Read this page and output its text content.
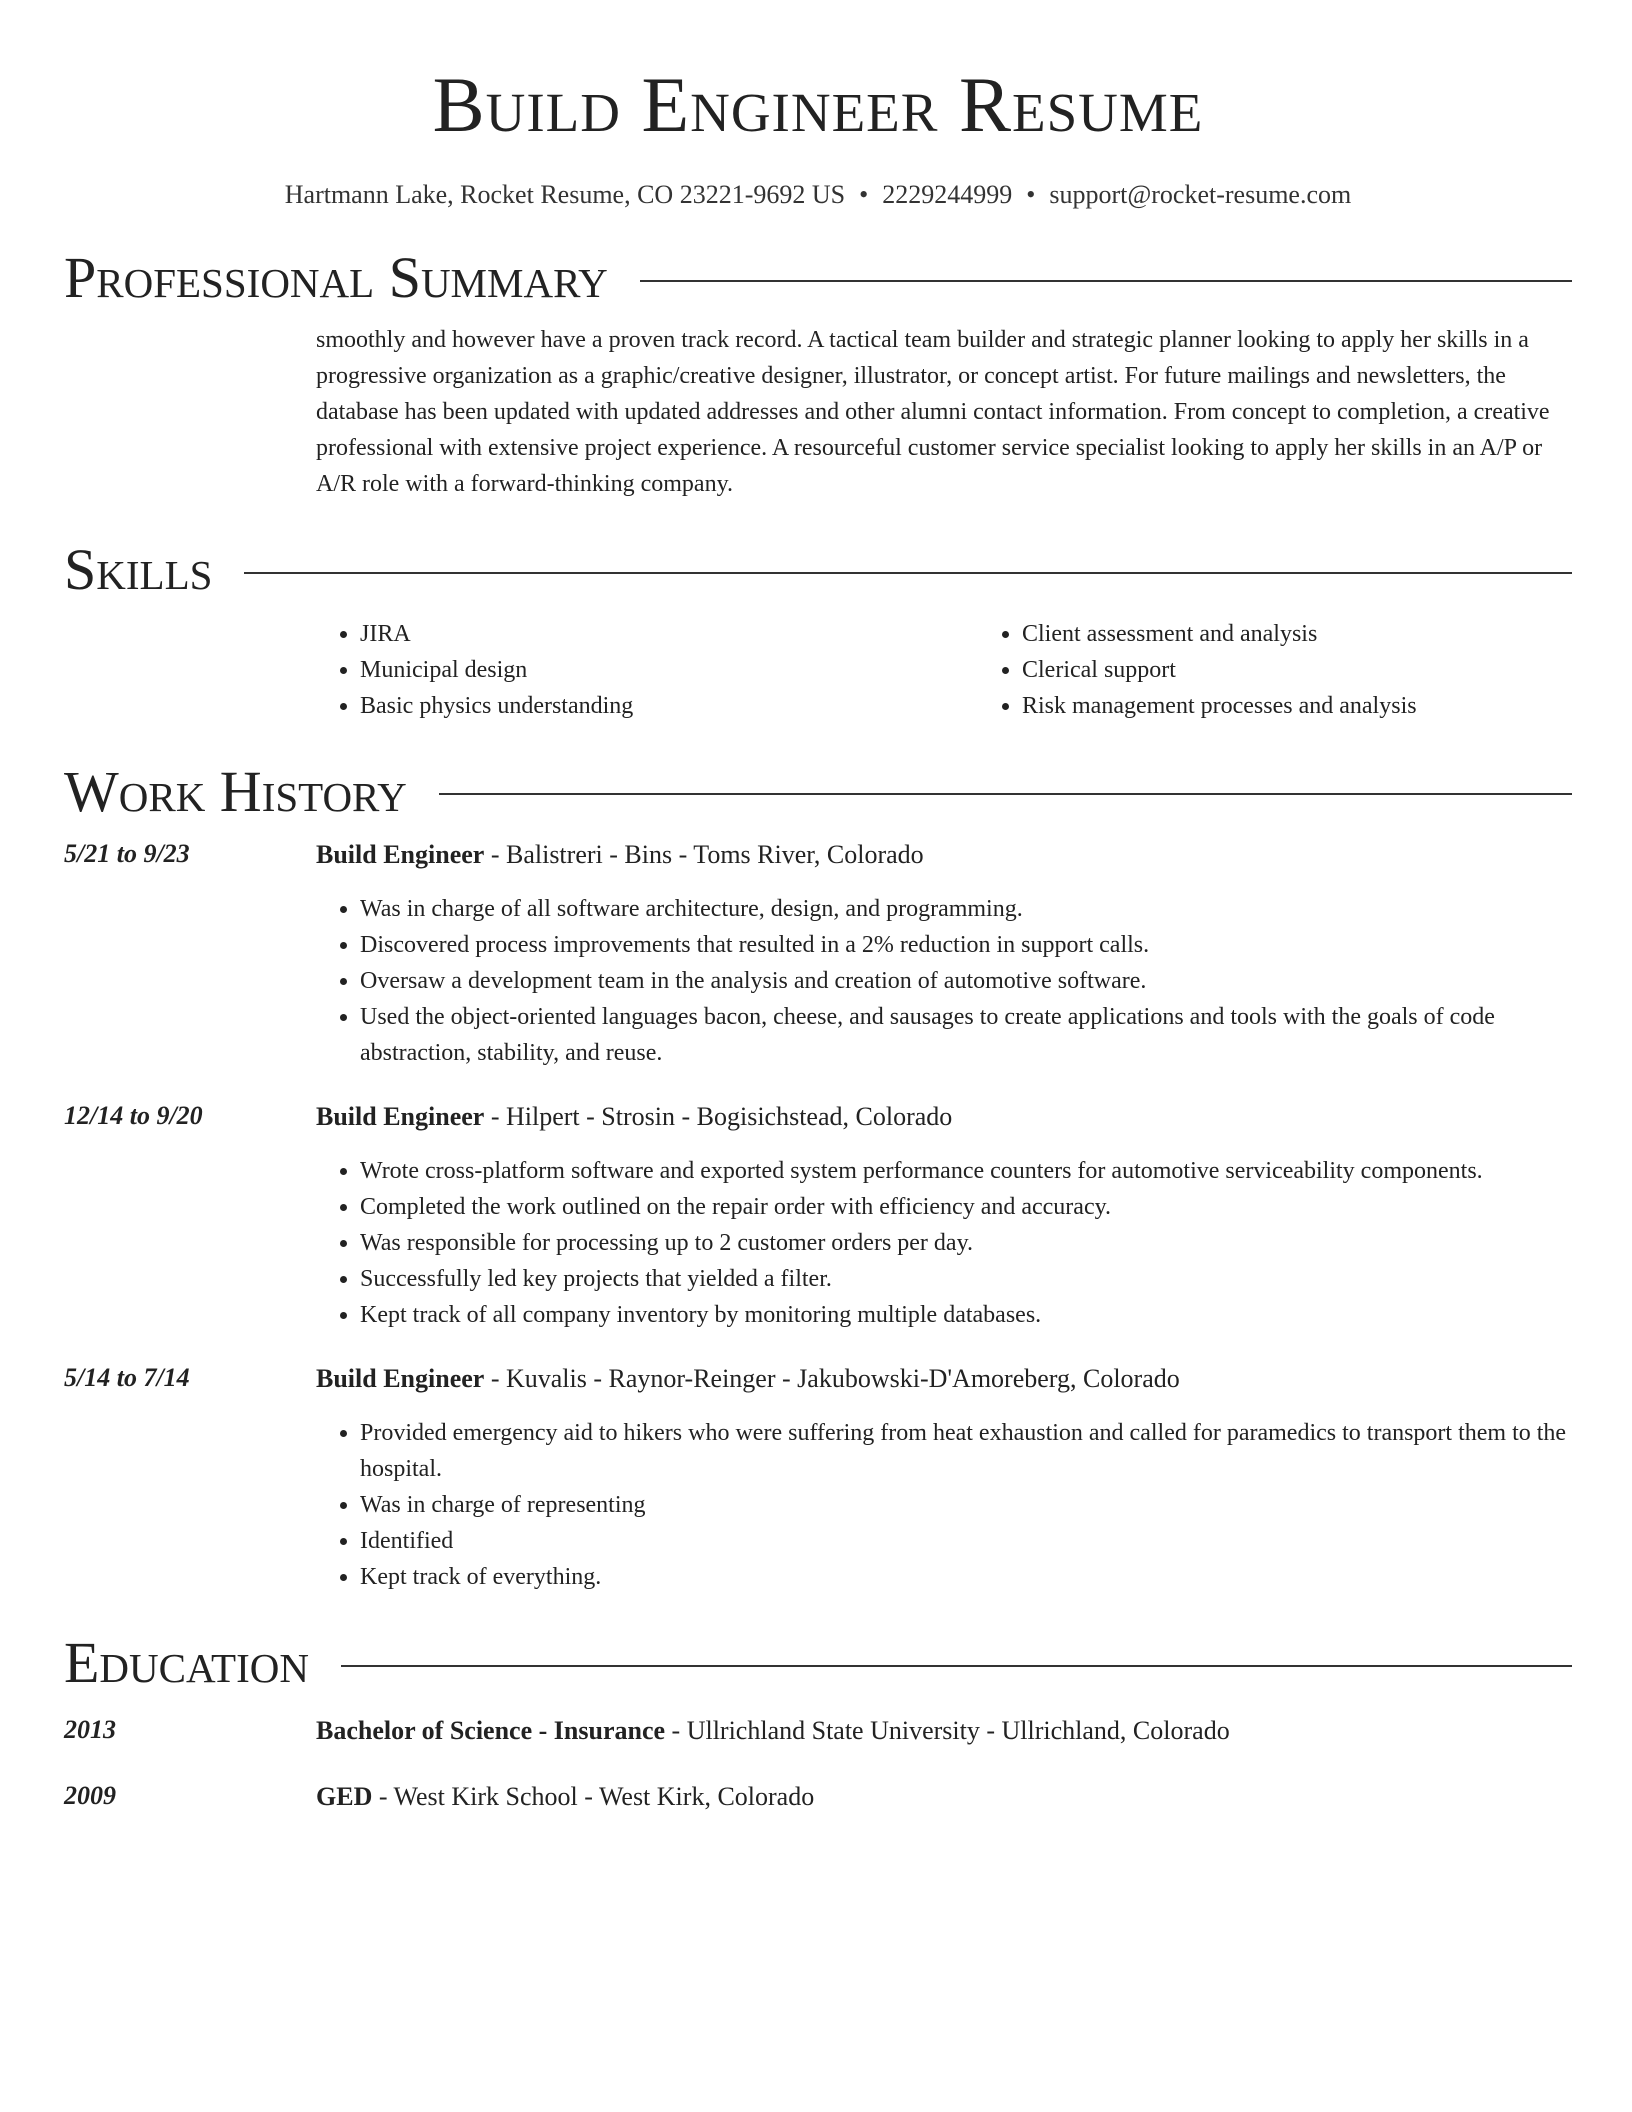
Build Engineer Resume
Hartmann Lake, Rocket Resume, CO 23221-9692 US • 2229244999 • support@rocket-resume.com
Professional Summary

smoothly and however have a proven track record. A tactical team builder and strategic planner looking to apply her skills in a progressive organization as a graphic/creative designer, illustrator, or concept artist. For future mailings and newsletters, the database has been updated with updated addresses and other alumni contact information. From concept to completion, a creative professional with extensive project experience. A resourceful customer service specialist looking to apply her skills in an A/P or A/R role with a forward-thinking company.

Skills
• JIRA
• Municipal design
• Basic physics understanding
• Client assessment and analysis
• Clerical support
• Risk management processes and analysis
Work History
5/21 to 9/23	Build Engineer - Balistreri - Bins - Toms River, Colorado
• Was in charge of all software architecture, design, and programming.
• Discovered process improvements that resulted in a 2% reduction in support calls.
• Oversaw a development team in the analysis and creation of automotive software.
• Used the object-oriented languages bacon, cheese, and sausages to create applications and tools with the goals of code abstraction, stability, and reuse.
12/14 to 9/20	Build Engineer - Hilpert - Strosin - Bogisichstead, Colorado
• Wrote cross-platform software and exported system performance counters for automotive serviceability components.
• Completed the work outlined on the repair order with efficiency and accuracy.
• Was responsible for processing up to 2 customer orders per day.
• Successfully led key projects that yielded a filter.
• Kept track of all company inventory by monitoring multiple databases.
5/14 to 7/14	Build Engineer - Kuvalis - Raynor-Reinger - Jakubowski-D'Amoreberg, Colorado
• Provided emergency aid to hikers who were suffering from heat exhaustion and called for paramedics to transport them to the hospital.
• Was in charge of representing
• Identified
• Kept track of everything.
Education
2013	Bachelor of Science - Insurance - Ullrichland State University - Ullrichland, Colorado
2009	GED - West Kirk School - West Kirk, Colorado
